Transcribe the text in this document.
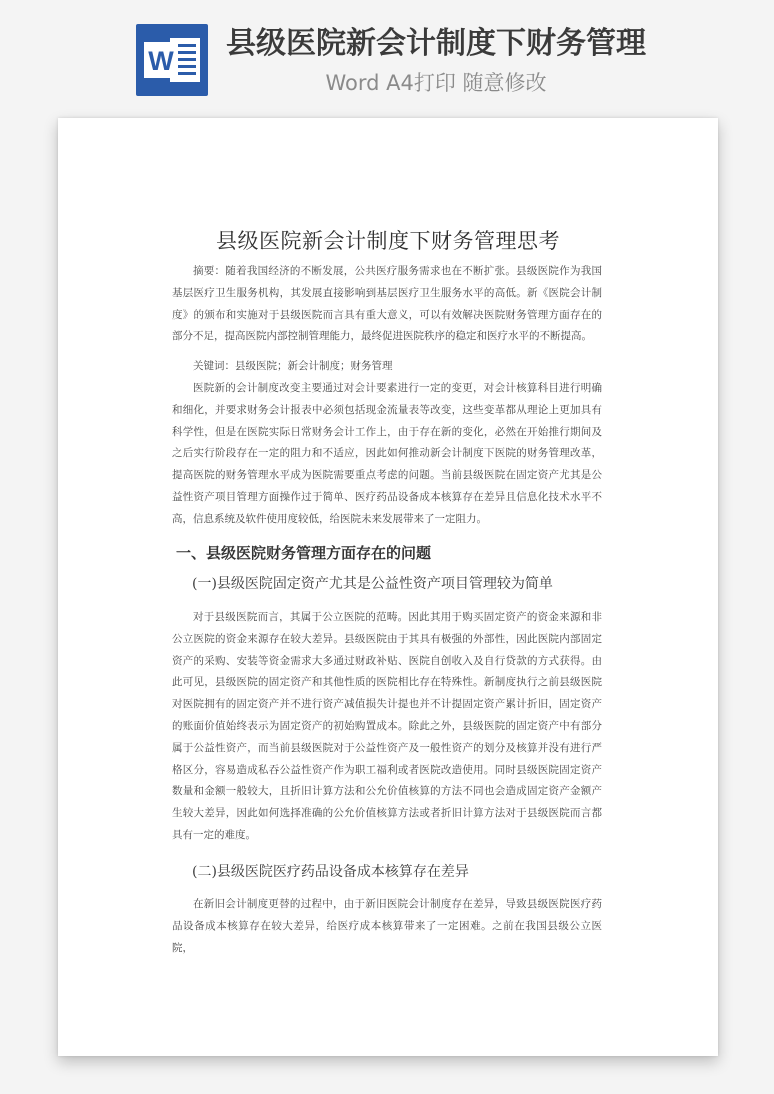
W 县级医院新会计制度下财务管理
Word A4打印 随意修改
县级医院新会计制度下财务管理思考

摘要：随着我国经济的不断发展，公共医疗服务需求也在不断扩张。县级医院作为我国基层医疗卫生服务机构，其发展直接影响到基层医疗卫生服务水平的高低。新《医院会计制度》的颁布和实施对于县级医院而言具有重大意义，可以有效解决医院财务管理方面存在的部分不足，提高医院内部控制管理能力，最终促进医院秩序的稳定和医疗水平的不断提高。

关键词：县级医院；新会计制度；财务管理

医院新的会计制度改变主要通过对会计要素进行一定的变更，对会计核算科目进行明确和细化，并要求财务会计报表中必须包括现金流量表等改变，这些变革都从理论上更加具有科学性，但是在医院实际日常财务会计工作上，由于存在新的变化，必然在开始推行期间及之后实行阶段存在一定的阻力和不适应，因此如何推动新会计制度下医院的财务管理改革，提高医院的财务管理水平成为医院需要重点考虑的问题。当前县级医院在固定资产尤其是公益性资产项目管理方面操作过于简单、医疗药品设备成本核算存在差异且信息化技术水平不高，信息系统及软件使用度较低，给医院未来发展带来了一定阻力。

一、县级医院财务管理方面存在的问题
(一)县级医院固定资产尤其是公益性资产项目管理较为简单

对于县级医院而言，其属于公立医院的范畴。因此其用于购买固定资产的资金来源和非公立医院的资金来源存在较大差异。县级医院由于其具有极强的外部性，因此医院内部固定资产的采购、安装等资金需求大多通过财政补贴、医院自创收入及自行贷款的方式获得。由此可见，县级医院的固定资产和其他性质的医院相比存在特殊性。新制度执行之前县级医院对医院拥有的固定资产并不进行资产减值损失计提也并不计提固定资产累计折旧，固定资产的账面价值始终表示为固定资产的初始购置成本。除此之外，县级医院的固定资产中有部分属于公益性资产，而当前县级医院对于公益性资产及一般性资产的划分及核算并没有进行严格区分，容易造成私吞公益性资产作为职工福利或者医院改造使用。同时县级医院固定资产数量和金额一般较大，且折旧计算方法和公允价值核算的方法不同也会造成固定资产金额产生较大差异，因此如何选择准确的公允价值核算方法或者折旧计算方法对于县级医院而言都具有一定的难度。

(二)县级医院医疗药品设备成本核算存在差异

在新旧会计制度更替的过程中，由于新旧医院会计制度存在差异，导致县级医院医疗药品设备成本核算存在较大差异，给医疗成本核算带来了一定困难。之前在我国县级公立医院，
